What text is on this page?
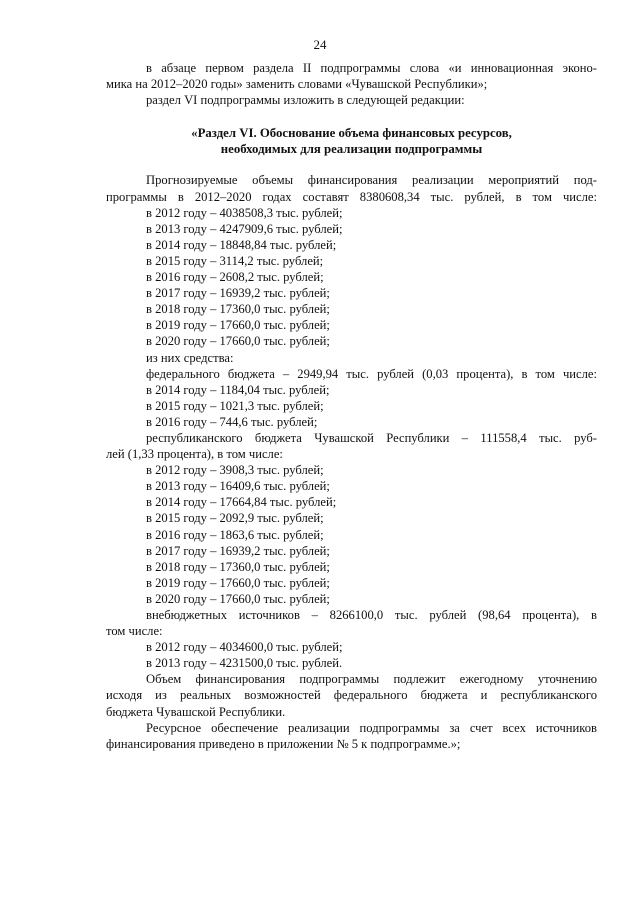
24

в абзаце первом раздела II подпрограммы слова «и инновационная эконо-

мика на 2012–2020 годы» заменить словами «Чувашской Республики»;

раздел VI подпрограммы изложить в следующей редакции:

«Раздел VI. Обоснование объема финансовых ресурсов,

необходимых для реализации подпрограммы

Прогнозируемые объемы финансирования реализации мероприятий под-

программы в 2012–2020 годах составят 8380608,34 тыс. рублей, в том числе:

в 2012 году – 4038508,3 тыс. рублей;

в 2013 году – 4247909,6 тыс. рублей;

в 2014 году – 18848,84 тыс. рублей;

в 2015 году – 3114,2 тыс. рублей;

в 2016 году – 2608,2 тыс. рублей;

в 2017 году – 16939,2 тыс. рублей;

в 2018 году – 17360,0 тыс. рублей;

в 2019 году – 17660,0 тыс. рублей;

в 2020 году – 17660,0 тыс. рублей;

из них средства:

федерального бюджета – 2949,94 тыс. рублей (0,03 процента), в том числе:

в 2014 году – 1184,04 тыс. рублей;

в 2015 году – 1021,3 тыс. рублей;

в 2016 году – 744,6 тыс. рублей;

республиканского бюджета Чувашской Республики – 111558,4 тыс. руб-

лей (1,33 процента), в том числе:

в 2012 году – 3908,3 тыс. рублей;

в 2013 году – 16409,6 тыс. рублей;

в 2014 году – 17664,84 тыс. рублей;

в 2015 году – 2092,9 тыс. рублей;

в 2016 году – 1863,6 тыс. рублей;

в 2017 году – 16939,2 тыс. рублей;

в 2018 году – 17360,0 тыс. рублей;

в 2019 году – 17660,0 тыс. рублей;

в 2020 году – 17660,0 тыс. рублей;

внебюджетных источников – 8266100,0 тыс. рублей (98,64 процента), в

том числе:

в 2012 году – 4034600,0 тыс. рублей;

в 2013 году – 4231500,0 тыс. рублей.

Объем финансирования подпрограммы подлежит ежегодному уточнению

исходя из реальных возможностей федерального бюджета и республиканского

бюджета Чувашской Республики.

Ресурсное обеспечение реализации подпрограммы за счет всех источников

финансирования приведено в приложении № 5 к подпрограмме.»;
